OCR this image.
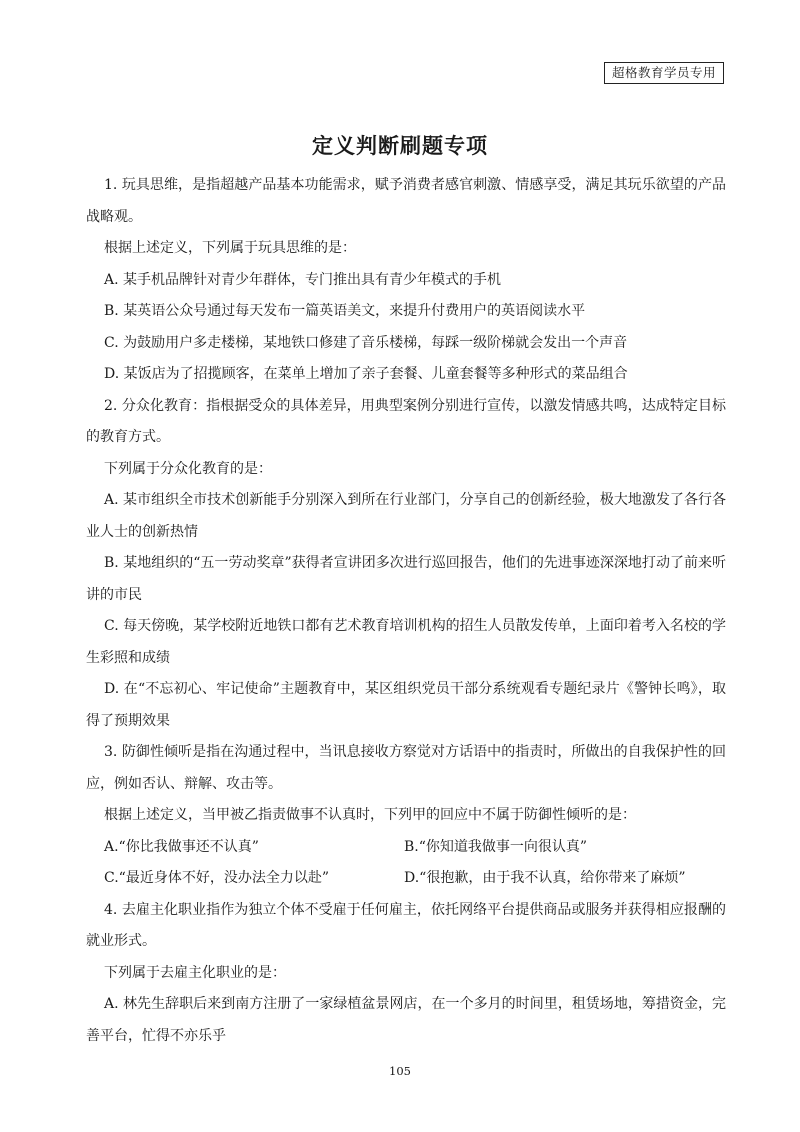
超格教育学员专用
定义判断刷题专项

1. 玩具思维，是指超越产品基本功能需求，赋予消费者感官刺激、情感享受，满足其玩乐欲望的产品战略观。

根据上述定义，下列属于玩具思维的是：

A. 某手机品牌针对青少年群体，专门推出具有青少年模式的手机

B. 某英语公众号通过每天发布一篇英语美文，来提升付费用户的英语阅读水平

C. 为鼓励用户多走楼梯，某地铁口修建了音乐楼梯，每踩一级阶梯就会发出一个声音

D. 某饭店为了招揽顾客，在菜单上增加了亲子套餐、儿童套餐等多种形式的菜品组合

2. 分众化教育：指根据受众的具体差异，用典型案例分别进行宣传，以激发情感共鸣，达成特定目标的教育方式。

下列属于分众化教育的是：

A. 某市组织全市技术创新能手分别深入到所在行业部门，分享自己的创新经验，极大地激发了各行各业人士的创新热情

B. 某地组织的“五一劳动奖章”获得者宣讲团多次进行巡回报告，他们的先进事迹深深地打动了前来听讲的市民

C. 每天傍晚，某学校附近地铁口都有艺术教育培训机构的招生人员散发传单，上面印着考入名校的学生彩照和成绩

D. 在“不忘初心、牢记使命”主题教育中，某区组织党员干部分系统观看专题纪录片《警钟长鸣》，取得了预期效果

3. 防御性倾听是指在沟通过程中，当讯息接收方察觉对方话语中的指责时，所做出的自我保护性的回应，例如否认、辩解、攻击等。

根据上述定义，当甲被乙指责做事不认真时，下列甲的回应中不属于防御性倾听的是：

A.“你比我做事还不认真”	B.“你知道我做事一向很认真”
C.“最近身体不好，没办法全力以赴”	D.“很抱歉，由于我不认真，给你带来了麻烦”

4. 去雇主化职业指作为独立个体不受雇于任何雇主，依托网络平台提供商品或服务并获得相应报酬的就业形式。

下列属于去雇主化职业的是：

A. 林先生辞职后来到南方注册了一家绿植盆景网店，在一个多月的时间里，租赁场地，筹措资金，完善平台，忙得不亦乐乎

105
